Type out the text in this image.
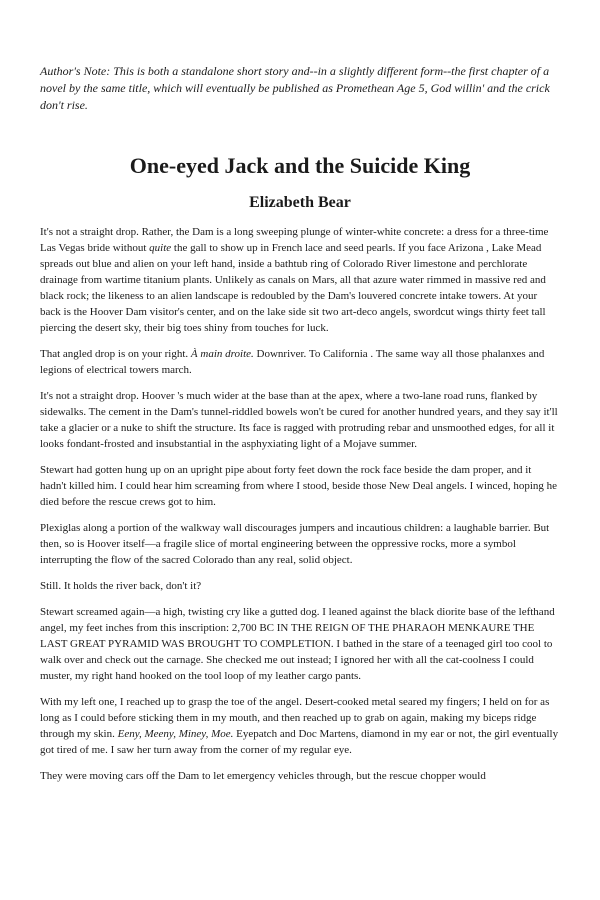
Author's Note: This is both a standalone short story and--in a slightly different form--the first chapter of a novel by the same title, which will eventually be published as Promethean Age 5, God willin' and the crick don't rise.

One-eyed Jack and the Suicide King
Elizabeth Bear

It's not a straight drop. Rather, the Dam is a long sweeping plunge of winter-white concrete: a dress for a three-time Las Vegas bride without quite the gall to show up in French lace and seed pearls. If you face Arizona , Lake Mead spreads out blue and alien on your left hand, inside a bathtub ring of Colorado River limestone and perchlorate drainage from wartime titanium plants. Unlikely as canals on Mars, all that azure water rimmed in massive red and black rock; the likeness to an alien landscape is redoubled by the Dam's louvered concrete intake towers. At your back is the Hoover Dam visitor's center, and on the lake side sit two art-deco angels, swordcut wings thirty feet tall piercing the desert sky, their big toes shiny from touches for luck.

That angled drop is on your right. À main droite. Downriver. To California . The same way all those phalanxes and legions of electrical towers march.

It's not a straight drop. Hoover 's much wider at the base than at the apex, where a two-lane road runs, flanked by sidewalks. The cement in the Dam's tunnel-riddled bowels won't be cured for another hundred years, and they say it'll take a glacier or a nuke to shift the structure. Its face is ragged with protruding rebar and unsmoothed edges, for all it looks fondant-frosted and insubstantial in the asphyxiating light of a Mojave summer.

Stewart had gotten hung up on an upright pipe about forty feet down the rock face beside the dam proper, and it hadn't killed him. I could hear him screaming from where I stood, beside those New Deal angels. I winced, hoping he died before the rescue crews got to him.

Plexiglas along a portion of the walkway wall discourages jumpers and incautious children: a laughable barrier. But then, so is Hoover itself—a fragile slice of mortal engineering between the oppressive rocks, more a symbol interrupting the flow of the sacred Colorado than any real, solid object.

Still. It holds the river back, don't it?

Stewart screamed again—a high, twisting cry like a gutted dog. I leaned against the black diorite base of the lefthand angel, my feet inches from this inscription: 2,700 BC IN THE REIGN OF THE PHARAOH MENKAURE THE LAST GREAT PYRAMID WAS BROUGHT TO COMPLETION. I bathed in the stare of a teenaged girl too cool to walk over and check out the carnage. She checked me out instead; I ignored her with all the cat-coolness I could muster, my right hand hooked on the tool loop of my leather cargo pants.

With my left one, I reached up to grasp the toe of the angel. Desert-cooked metal seared my fingers; I held on for as long as I could before sticking them in my mouth, and then reached up to grab on again, making my biceps ridge through my skin. Eeny, Meeny, Miney, Moe. Eyepatch and Doc Martens, diamond in my ear or not, the girl eventually got tired of me. I saw her turn away from the corner of my regular eye.

They were moving cars off the Dam to let emergency vehicles through, but the rescue chopper would
